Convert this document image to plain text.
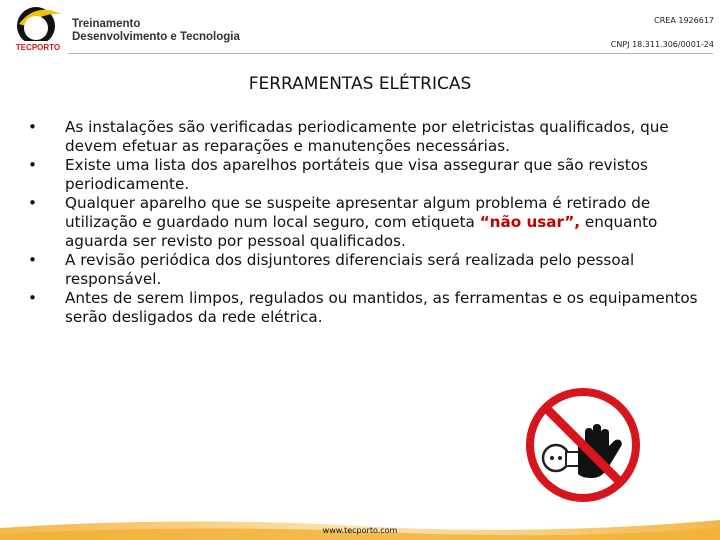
TECPORTO
Treinamento
Desenvolvimento e Tecnologia
CREA 1926617
CNPJ 18.311.306/0001-24
FERRAMENTAS ELÉTRICAS
• As instalações são verificadas periodicamente por eletricistas qualificados, que devem efetuar as reparações e manutenções necessárias.
• Existe uma lista dos aparelhos portáteis que visa assegurar que são revistos periodicamente.
• Qualquer aparelho que se suspeite apresentar algum problema é retirado de utilização e guardado num local seguro, com etiqueta “não usar”, enquanto aguarda ser revisto por pessoal qualificados.
• A revisão periódica dos disjuntores diferenciais será realizada pelo pessoal responsável.
• Antes de serem limpos, regulados ou mantidos, as ferramentas e os equipamentos serão desligados da rede elétrica.
www.tecporto.com
